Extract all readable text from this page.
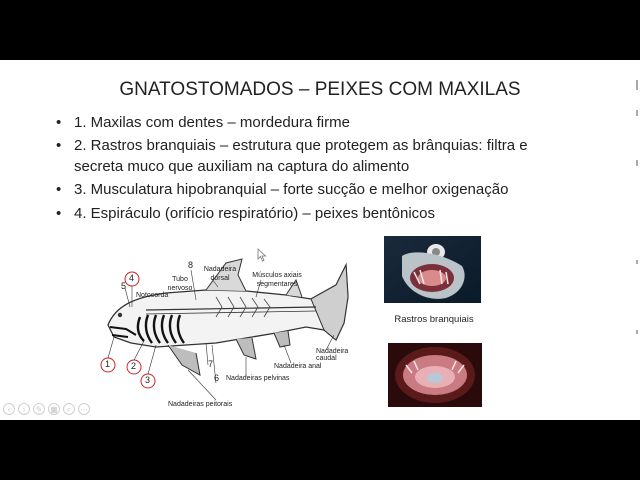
GNATOSTOMADOS – PEIXES COM MAXILAS
• 1. Maxilas com dentes – mordedura firme
• 2. Rastros branquiais – estrutura que protegem as brânquias: filtra e secreta muco que auxiliam na captura do alimento
• 3. Musculatura hipobranquial – forte sucção e melhor oxigenação
• 4. Espiráculo (orifício respiratório) – peixes bentônicos
1 2
3
4
5
6
7
8
Tubo nervoso
Notocorda
Nadadeira dorsal	Músculos axiais segmentares
Nadadeira caudal
Nadadeira anal
Nadadeiras pelvinas
Nadadeiras peitorais
Rastros branquiais
‹	›	✎ ▦	⌕	⋯
